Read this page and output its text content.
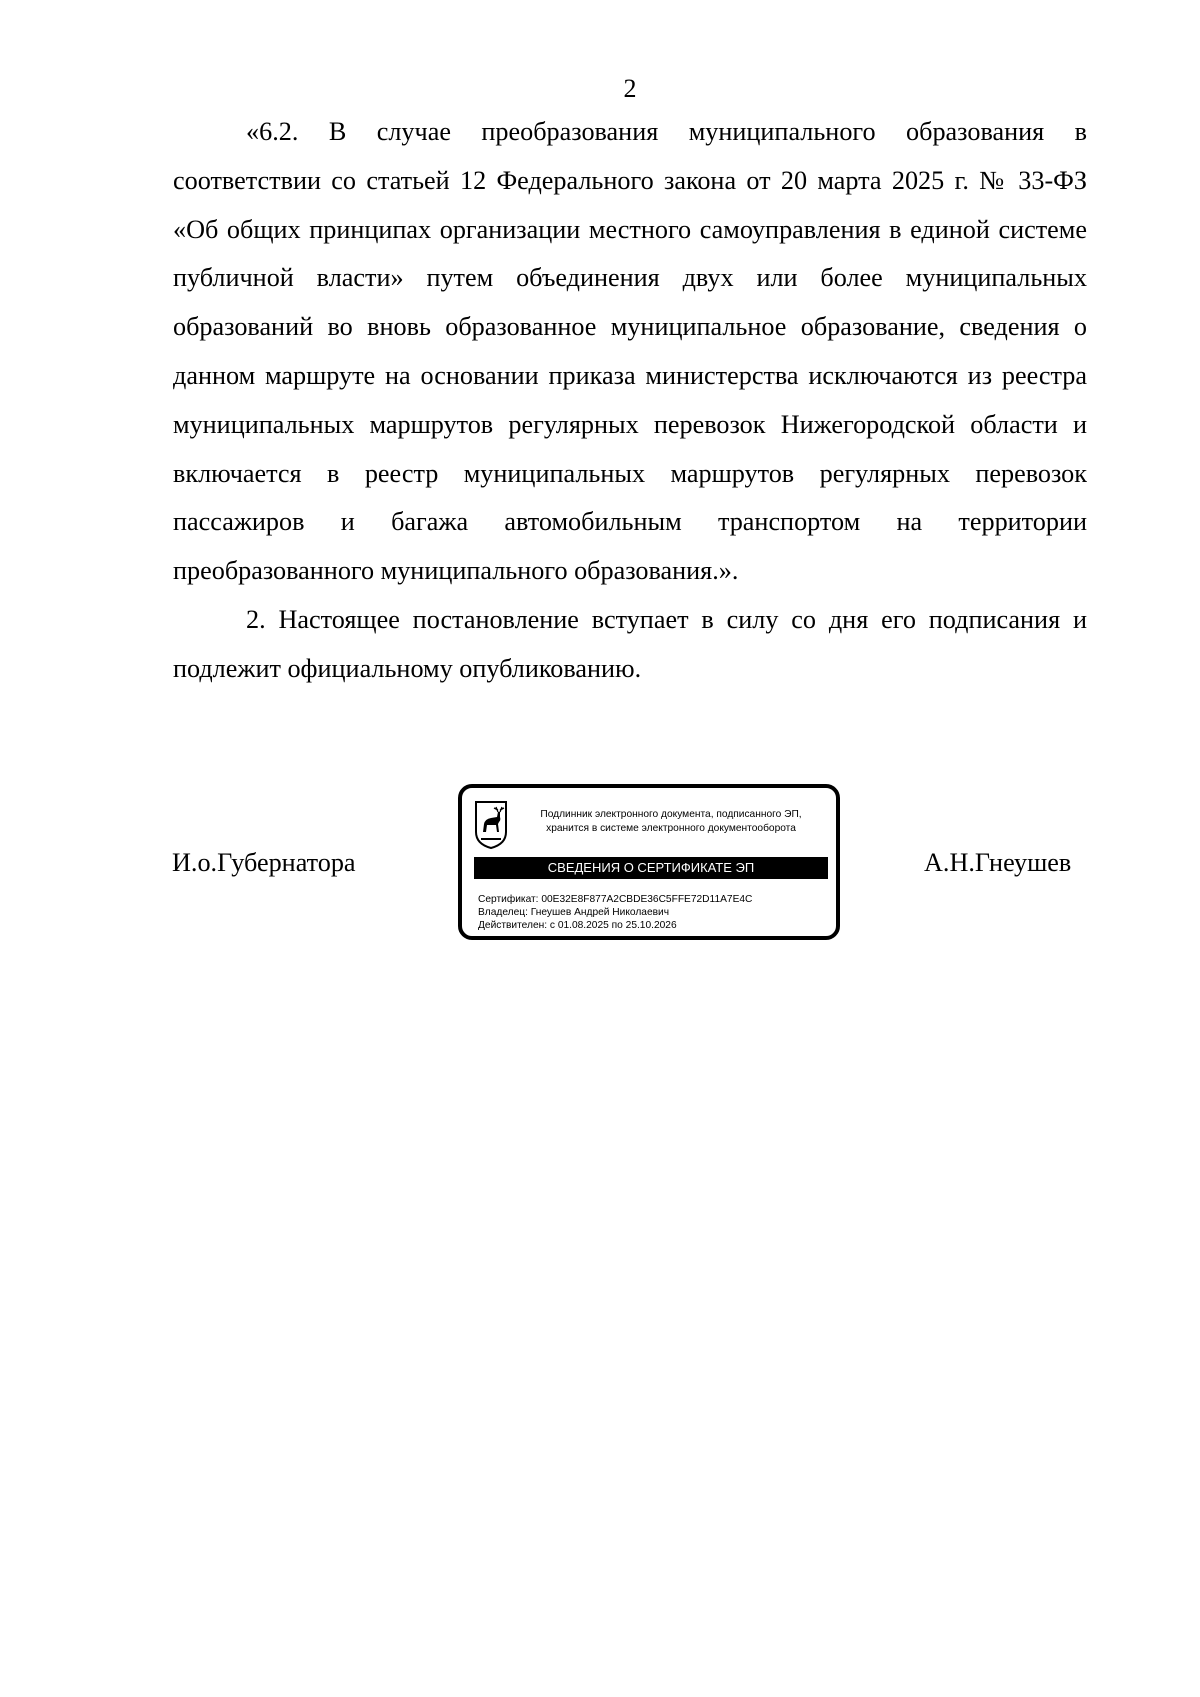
2

«6.2. В случае преобразования муниципального образования в соответствии со статьей 12 Федерального закона от 20 марта 2025 г. № 33-ФЗ «Об общих принципах организации местного самоуправления в единой системе публичной власти» путем объединения двух или более муниципальных образований во вновь образованное муниципальное образование, сведения о данном маршруте на основании приказа министерства исключаются из реестра муниципальных маршрутов регулярных перевозок Нижегородской области и включается в реестр муниципальных маршрутов регулярных перевозок пассажиров и багажа автомобильным транспортом на территории преобразованного муниципального образования.».

2. Настоящее постановление вступает в силу со дня его подписания и подлежит официальному опубликованию.

И.о.Губернатора
Подлинник электронного документа, подписанного ЭП,
хранится в системе электронного документооборота
СВЕДЕНИЯ О СЕРТИФИКАТЕ ЭП
Сертификат: 00E32E8F877A2CBDE36C5FFE72D11A7E4C
Владелец: Гнеушев Андрей Николаевич
Действителен: с 01.08.2025 по 25.10.2026
А.Н.Гнеушев
